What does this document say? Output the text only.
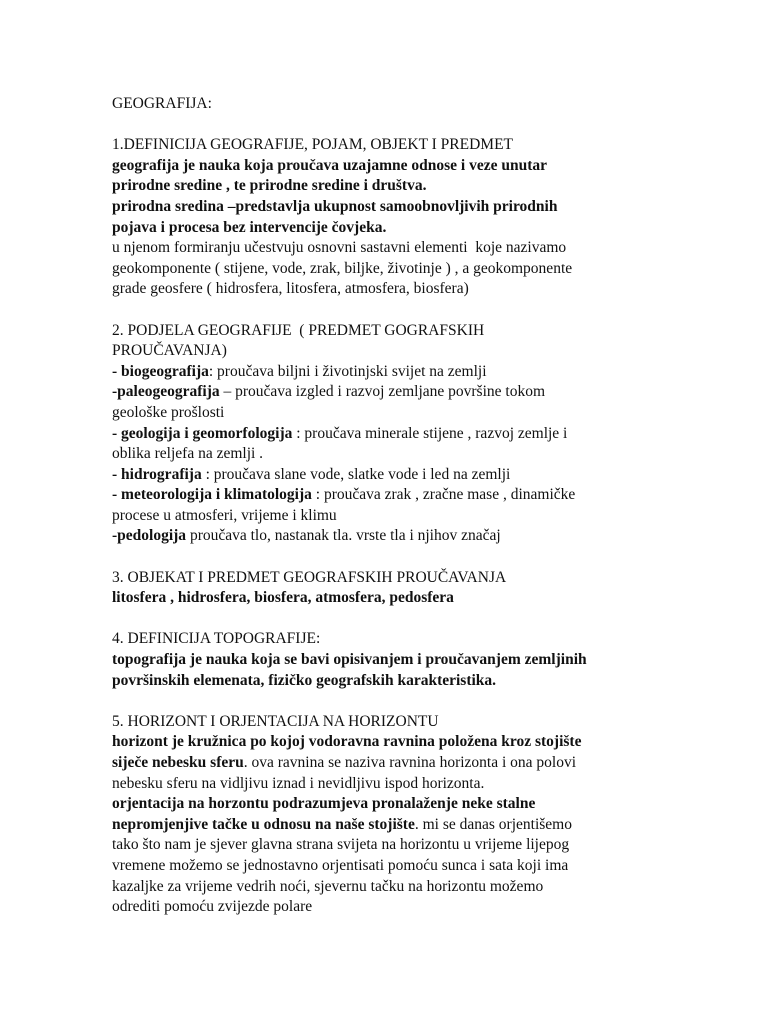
GEOGRAFIJA:
1.DEFINICIJA GEOGRAFIJE, POJAM, OBJEKT I PREDMET
geografija je nauka koja proučava uzajamne odnose i veze unutar
prirodne sredine , te prirodne sredine i društva.
prirodna sredina –predstavlja ukupnost samoobnovljivih prirodnih
pojava i procesa bez intervencije čovjeka.
u njenom formiranju učestvuju osnovni sastavni elementi  koje nazivamo
geokomponente ( stijene, vode, zrak, biljke, životinje ) , a geokomponente
grade geosfere ( hidrosfera, litosfera, atmosfera, biosfera)
2. PODJELA GEOGRAFIJE  ( PREDMET GOGRAFSKIH
PROUČAVANJA)
- biogeografija: proučava biljni i životinjski svijet na zemlji
-paleogeografija – proučava izgled i razvoj zemljane površine tokom
geološke prošlosti
- geologija i geomorfologija : proučava minerale stijene , razvoj zemlje i
oblika reljefa na zemlji .
- hidrografija : proučava slane vode, slatke vode i led na zemlji
- meteorologija i klimatologija : proučava zrak , zračne mase , dinamičke
procese u atmosferi, vrijeme i klimu
-pedologija proučava tlo, nastanak tla. vrste tla i njihov značaj
3. OBJEKAT I PREDMET GEOGRAFSKIH PROUČAVANJA
litosfera , hidrosfera, biosfera, atmosfera, pedosfera
4. DEFINICIJA TOPOGRAFIJE:
topografija je nauka koja se bavi opisivanjem i proučavanjem zemljinih
površinskih elemenata, fizičko geografskih karakteristika.
5. HORIZONT I ORJENTACIJA NA HORIZONTU
horizont je kružnica po kojoj vodoravna ravnina položena kroz stojište
siječe nebesku sferu. ova ravnina se naziva ravnina horizonta i ona polovi
nebesku sferu na vidljivu iznad i nevidljivu ispod horizonta.
orjentacija na horzontu podrazumjeva pronalaženje neke stalne
nepromjenjive tačke u odnosu na naše stojište. mi se danas orjentišemo
tako što nam je sjever glavna strana svijeta na horizontu u vrijeme lijepog
vremene možemo se jednostavno orjentisati pomoću sunca i sata koji ima
kazaljke za vrijeme vedrih noći, sjevernu tačku na horizontu možemo
odrediti pomoću zvijezde polare
